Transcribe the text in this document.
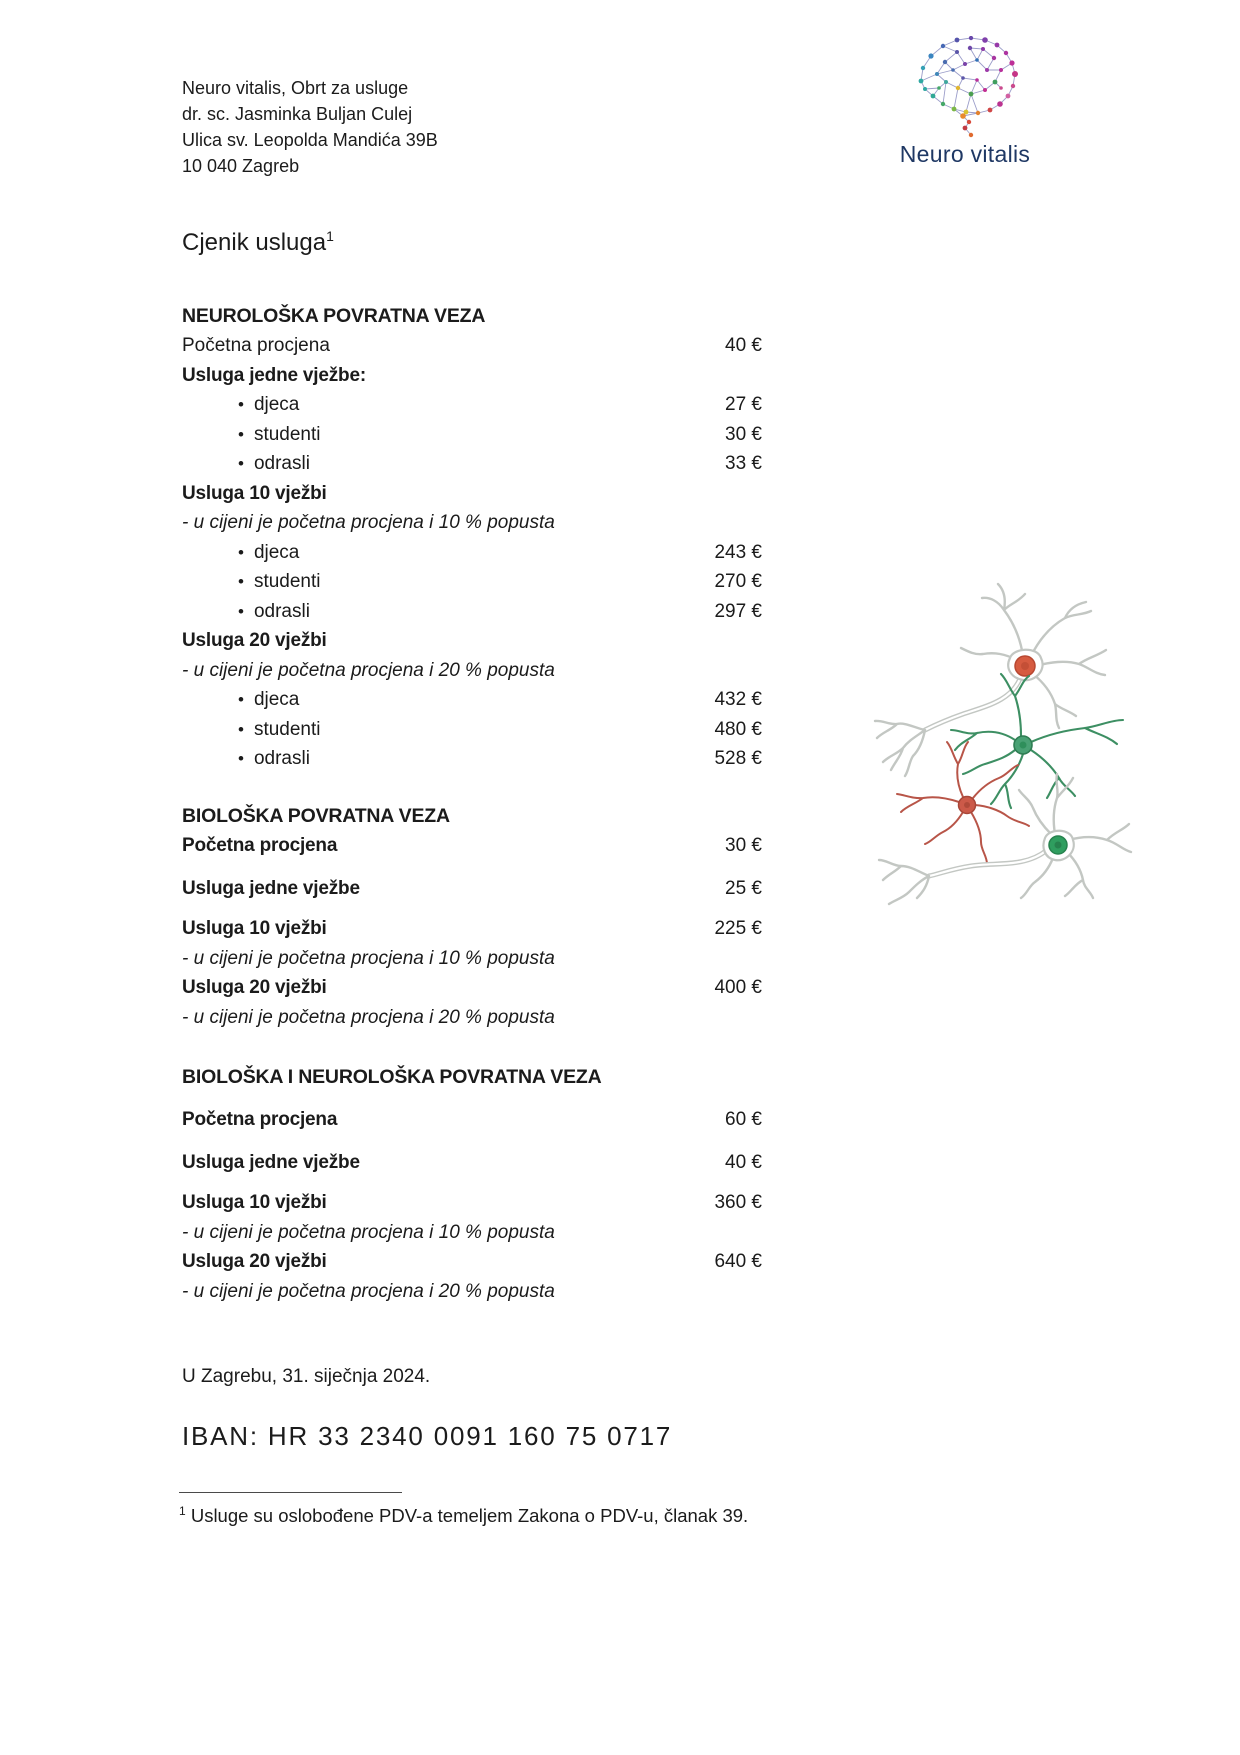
Neuro vitalis, Obrt za usluge
dr. sc. Jasminka Buljan Culej
Ulica sv. Leopolda Mandića 39B
10 040 Zagreb	Neuro vitalis
Cjenik usluga$^1$
NEUROLOŠKA POVRATNA VEZA
Početna procjena	40 €
Usluga jedne vježbe:
• djeca	27 €
• studenti	30 €
• odrasli	33 €
Usluga 10 vježbi
- u cijeni je početna procjena i 10 % popusta
• djeca	243 €
• studenti	270 €
• odrasli	297 €
Usluga 20 vježbi
- u cijeni je početna procjena i 20 % popusta
• djeca	432 €
• studenti	480 €
• odrasli	528 €
BIOLOŠKA POVRATNA VEZA
Početna procjena	30 €
Usluga jedne vježbe	25 €
Usluga 10 vježbi	225 €
- u cijeni je početna procjena i 10 % popusta
Usluga 20 vježbi	400 €
- u cijeni je početna procjena i 20 % popusta
BIOLOŠKA I NEUROLOŠKA POVRATNA VEZA
Početna procjena	60 €
Usluga jedne vježbe	40 €
Usluga 10 vježbi	360 €
- u cijeni je početna procjena i 10 % popusta
Usluga 20 vježbi	640 €
- u cijeni je početna procjena i 20 % popusta
U Zagrebu, 31. siječnja 2024.
IBAN: HR 33 2340 0091 160 75 0717
$^1$ Usluge su oslobođene PDV-a temeljem Zakona o PDV-u, članak 39.
